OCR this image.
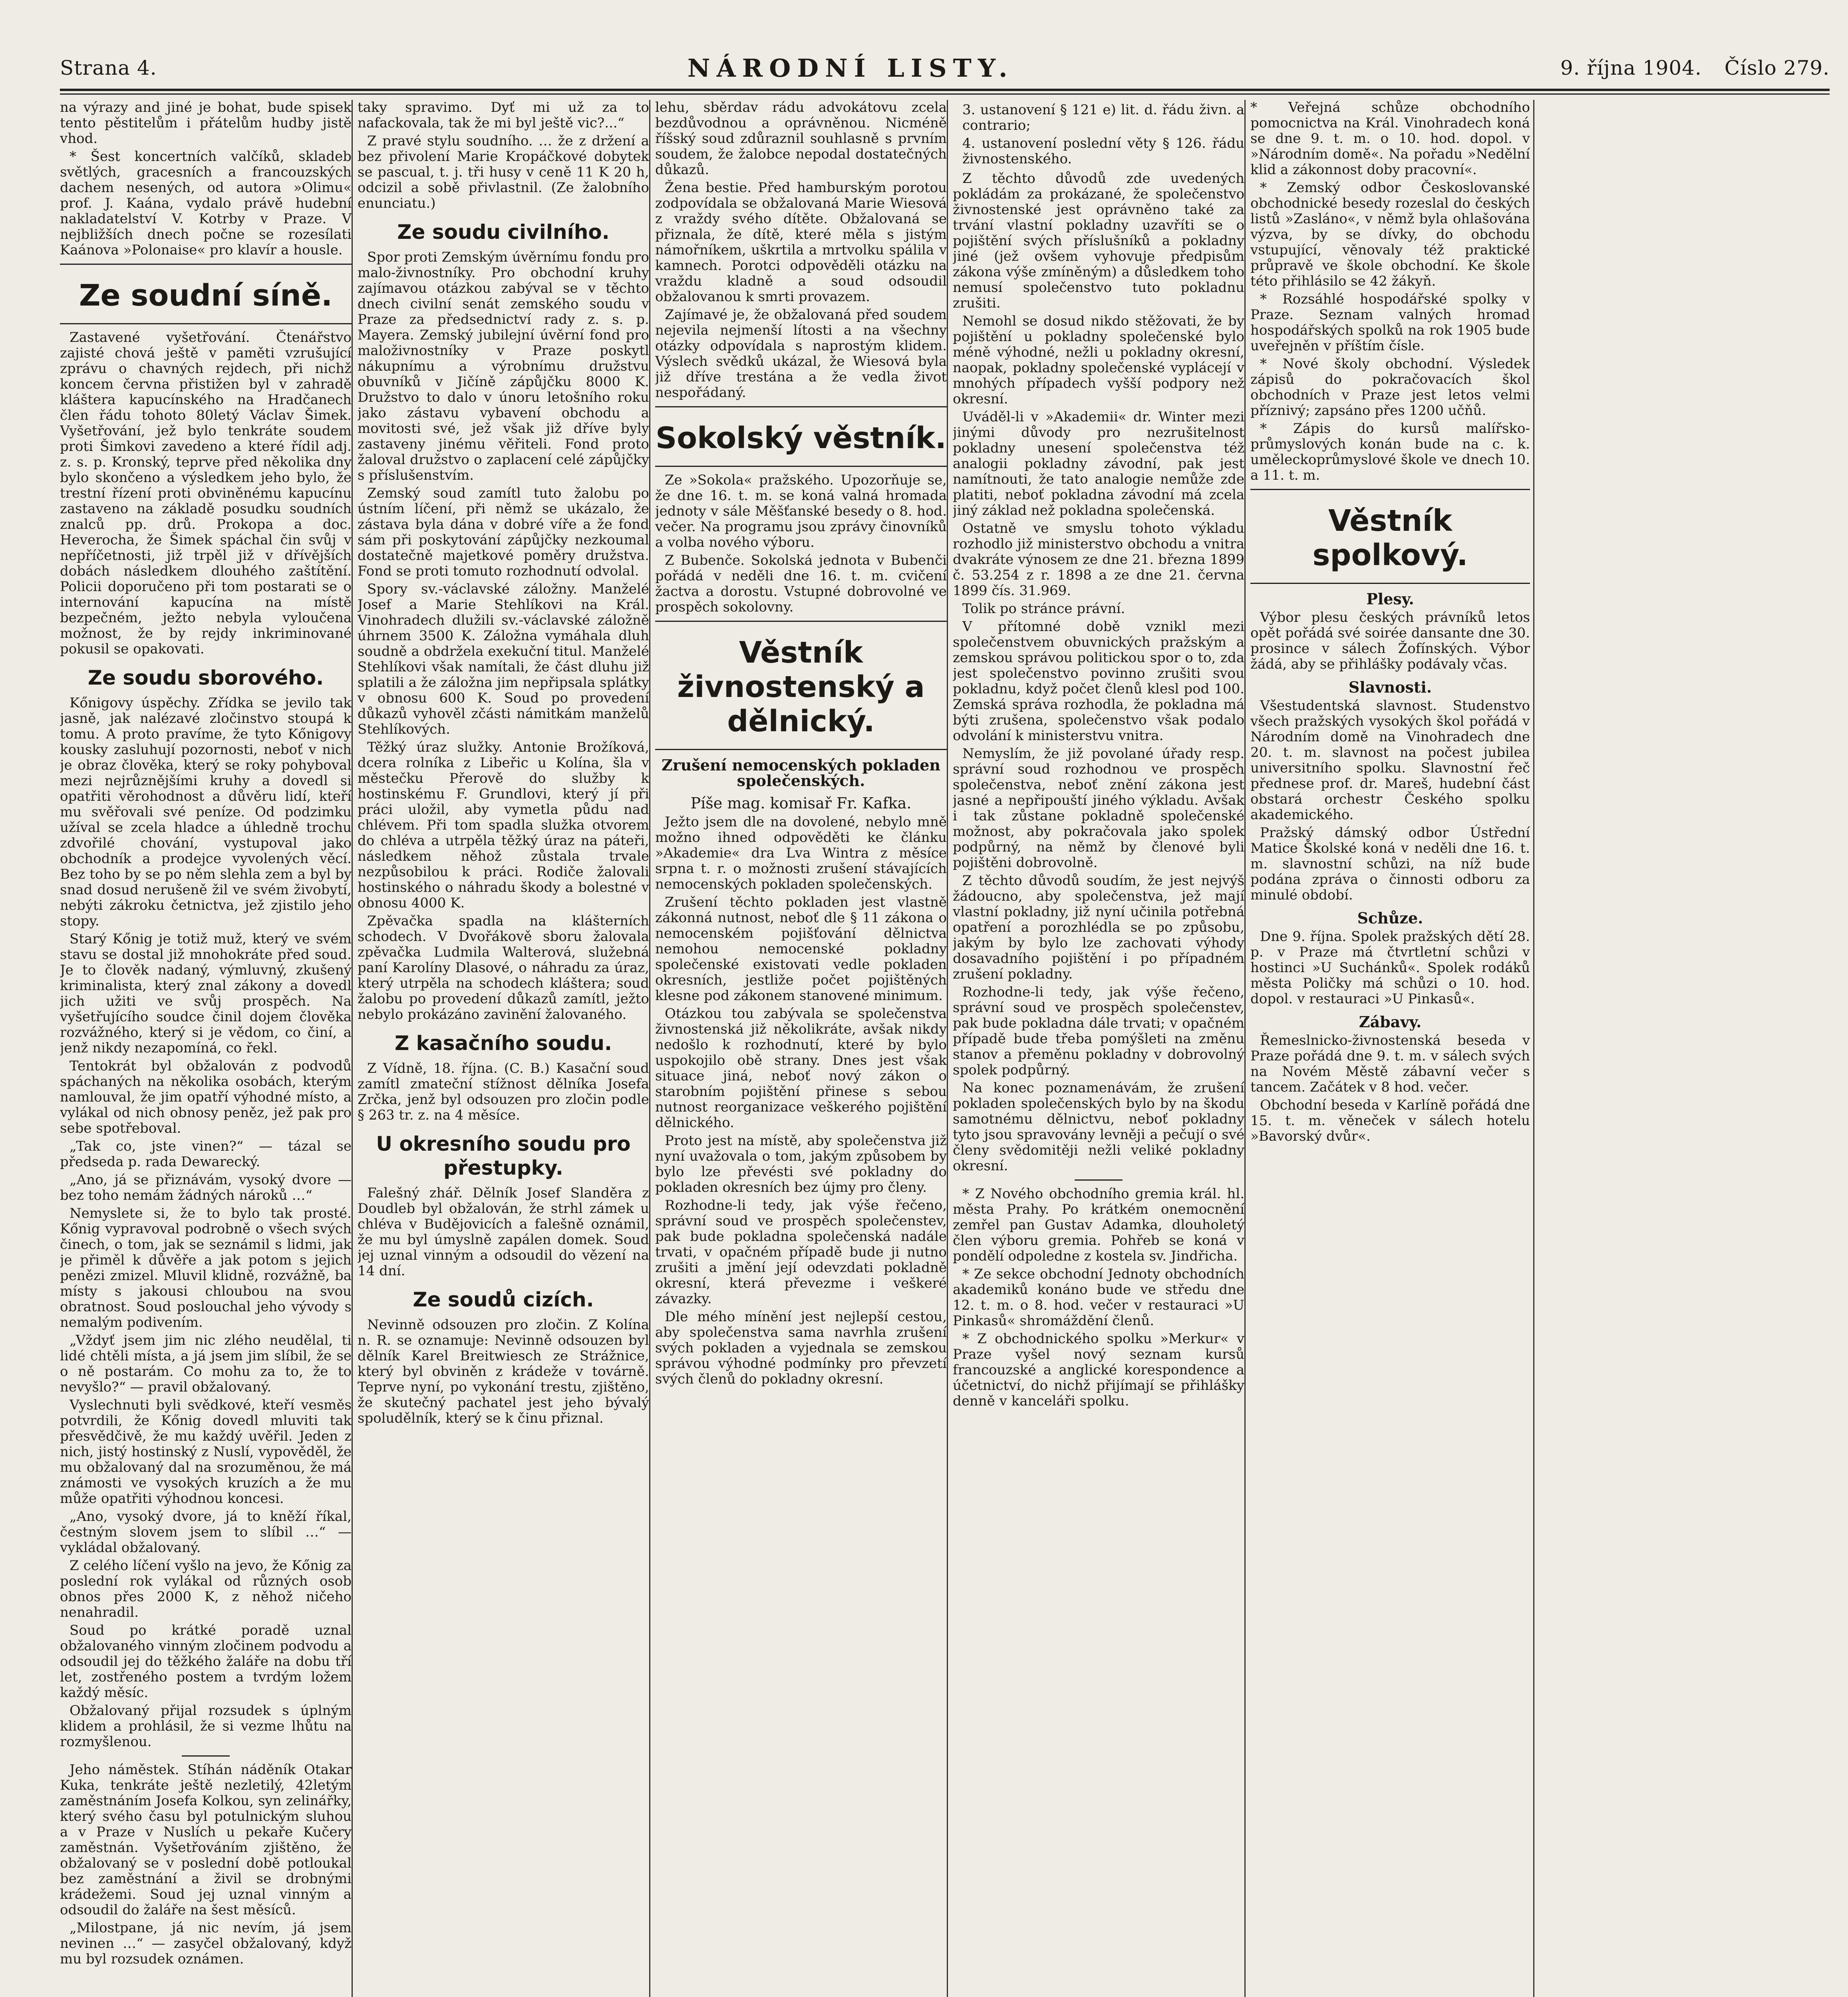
Strana 4.	NÁRODNÍ LISTY.	9. října 1904. Číslo 279.

na výrazy and jiné je bohat, bude spisek tento pěstitelům i přátelům hudby jistě vhod.

* Šest koncertních valčíků, skladeb světlých, gracesních a francouzských dachem nesených, od autora »Olimu« prof. J. Kaána, vydalo právě hudební nakladatelství V. Kotrby v Praze. V nejbližších dnech počne se rozesílati Kaánova »Polonaise« pro klavír a housle.

Ze soudní síně.

Zastavené vyšetřování. Čtenářstvo zajisté chová ještě v paměti vzrušující zprávu o chavných rejdech, při nichž koncem června přistižen byl v zahradě kláštera kapucínského na Hradčanech člen řádu tohoto 80letý Václav Šimek. Vyšetřování, jež bylo tenkráte soudem proti Šimkovi zavedeno a které řídil adj. z. s. p. Kronský, teprve před několika dny bylo skončeno a výsledkem jeho bylo, že trestní řízení proti obviněnému kapucínu zastaveno na základě posudku soudních znalců pp. drů. Prokopa a doc. Heverocha, že Šimek spáchal čin svůj v nepříčetnosti, již trpěl již v dřívějších dobách následkem dlouhého zaštítění. Policii doporučeno při tom postarati se o internování kapucína na místě bezpečném, ježto nebyla vyloučena možnost, že by rejdy inkriminované pokusil se opakovati.

Ze soudu sborového.

Kőnigovy úspěchy. Zřídka se jevilo tak jasně, jak nalézavé zločinstvo stoupá k tomu. A proto pravíme, že tyto Kőnigovy kousky zasluhují pozornosti, neboť v nich je obraz člověka, který se roky pohyboval mezi nejrůznějšími kruhy a dovedl si opatřiti věrohodnost a důvěru lidí, kteří mu svěřovali své peníze. Od podzimku užíval se zcela hladce a úhledně trochu zdvořilé chování, vystupoval jako obchodník a prodejce vyvolených věcí. Bez toho by se po něm slehla zem a byl by snad dosud nerušeně žil ve svém živobytí, nebýti zákroku četnictva, jež zjistilo jeho stopy.

Starý Kőnig je totiž muž, který ve svém stavu se dostal již mnohokráte před soud. Je to člověk nadaný, výmluvný, zkušený kriminalista, který znal zákony a dovedl jich užiti ve svůj prospěch. Na vyšetřujícího soudce činil dojem člověka rozvážného, který si je vědom, co činí, a jenž nikdy nezapomíná, co řekl.

Tentokrát byl obžalován z podvodů spáchaných na několika osobách, kterým namlouval, že jim opatří výhodné místo, a vylákal od nich obnosy peněz, jež pak pro sebe spotřeboval.

„Tak co, jste vinen?“ — tázal se předseda p. rada Dewarecký.

„Ano, já se přiznávám, vysoký dvore — bez toho nemám žádných nároků …“

Nemyslete si, že to bylo tak prosté. Kőnig vypravoval podrobně o všech svých činech, o tom, jak se seznámil s lidmi, jak je přiměl k důvěře a jak potom s jejich penězi zmizel. Mluvil klidně, rozvážně, ba místy s jakousi chloubou na svou obratnost. Soud poslouchal jeho vývody s nemalým podivením.

„Vždyť jsem jim nic zlého neudělal, ti lidé chtěli místa, a já jsem jim slíbil, že se o ně postarám. Co mohu za to, že to nevyšlo?“ — pravil obžalovaný.

Vyslechnuti byli svědkové, kteří vesměs potvrdili, že Kőnig dovedl mluviti tak přesvědčivě, že mu každý uvěřil. Jeden z nich, jistý hostinský z Nuslí, vypověděl, že mu obžalovaný dal na srozuměnou, že má známosti ve vysokých kruzích a že mu může opatřiti výhodnou koncesi.

„Ano, vysoký dvore, já to kněží říkal, čestným slovem jsem to slíbil …“ — vykládal obžalovaný.

Z celého líčení vyšlo na jevo, že Kőnig za poslední rok vylákal od různých osob obnos přes 2000 K, z něhož ničeho nenahradil.

Soud po krátké poradě uznal obžalovaného vinným zločinem podvodu a odsoudil jej do těžkého žaláře na dobu tří let, zostřeného postem a tvrdým ložem každý měsíc.

Obžalovaný přijal rozsudek s úplným klidem a prohlásil, že si vezme lhůtu na rozmyšlenou.

Jeho náměstek. Stíhán náděník Otakar Kuka, tenkráte ještě nezletilý, 42letým zaměstnáním Josefa Kolkou, syn zelinářky, který svého času byl potulnickým sluhou a v Praze v Nuslích u pekaře Kučery zaměstnán. Vyšetřováním zjištěno, že obžalovaný se v poslední době potloukal bez zaměstnání a živil se drobnými krádežemi. Soud jej uznal vinným a odsoudil do žaláře na šest měsíců.

„Milostpane, já nic nevím, já jsem nevinen …“ — zasyčel obžalovaný, když mu byl rozsudek oznámen.

taky spravimo. Dyť mi už za to nafackovala, tak že mi byl ještě vic?...“

Z pravé stylu soudního. … že z držení a bez přivolení Marie Kropáčkové dobytek se pascual, t. j. tři husy v ceně 11 K 20 h, odcizil a sobě přivlastnil. (Ze žalobního enunciatu.)

Ze soudu civilního.

Spor proti Zemským úvěrnímu fondu pro malo-živnostníky. Pro obchodní kruhy zajímavou otázkou zabýval se v těchto dnech civilní senát zemského soudu v Praze za předsednictví rady z. s. p. Mayera. Zemský jubilejní úvěrní fond pro maloživnostníky v Praze poskytl nákupnímu a výrobnímu družstvu obuvníků v Jičíně zápůjčku 8000 K. Družstvo to dalo v únoru letošního roku jako zástavu vybavení obchodu a movitosti své, jež však již dříve byly zastaveny jinému věřiteli. Fond proto žaloval družstvo o zaplacení celé zápůjčky s příslušenstvím.

Zemský soud zamítl tuto žalobu po ústním líčení, při němž se ukázalo, že zástava byla dána v dobré víře a že fond sám při poskytování zápůjčky nezkoumal dostatečně majetkové poměry družstva. Fond se proti tomuto rozhodnutí odvolal.

Spory sv.-václavské záložny. Manželé Josef a Marie Stehlíkovi na Král. Vinohradech dlužili sv.-václavské záložně úhrnem 3500 K. Záložna vymáhala dluh soudně a obdržela exekuční titul. Manželé Stehlíkovi však namítali, že část dluhu již splatili a že záložna jim nepřipsala splátky v obnosu 600 K. Soud po provedení důkazů vyhověl zčásti námitkám manželů Stehlíkových.

Těžký úraz služky. Antonie Brožíková, dcera rolníka z Libeřic u Kolína, šla v městečku Přerově do služby k hostinskému F. Grundlovi, který jí při práci uložil, aby vymetla půdu nad chlévem. Při tom spadla služka otvorem do chléva a utrpěla těžký úraz na páteři, následkem něhož zůstala trvale nezpůsobilou k práci. Rodiče žalovali hostinského o náhradu škody a bolestné v obnosu 4000 K.

Zpěvačka spadla na klášterních schodech. V Dvořákově sboru žalovala zpěvačka Ludmila Walterová, služebná paní Karolíny Dlasové, o náhradu za úraz, který utrpěla na schodech kláštera; soud žalobu po provedení důkazů zamítl, ježto nebylo prokázáno zavinění žalovaného.

Z kasačního soudu.

Z Vídně, 18. října. (C. B.) Kasační soud zamítl zmateční stížnost dělníka Josefa Zrčka, jenž byl odsouzen pro zločin podle § 263 tr. z. na 4 měsíce.

U okresního soudu pro přestupky.

Falešný zhář. Dělník Josef Slanděra z Doudleb byl obžalován, že strhl zámek u chléva v Budějovicích a falešně oznámil, že mu byl úmyslně zapálen domek. Soud jej uznal vinným a odsoudil do vězení na 14 dní.

Ze soudů cizích.

Nevinně odsouzen pro zločin. Z Kolína n. R. se oznamuje: Nevinně odsouzen byl dělník Karel Breitwiesch ze Strážnice, který byl obviněn z krádeže v továrně. Teprve nyní, po vykonání trestu, zjištěno, že skutečný pachatel jest jeho bývalý spoludělník, který se k činu přiznal.

lehu, sběrdav rádu advokátovu zcela bezdůvodnou a oprávněnou. Nicméně říšský soud zdůraznil souhlasně s prvním soudem, že žalobce nepodal dostatečných důkazů.

Žena bestie. Před hamburským porotou zodpovídala se obžalovaná Marie Wiesová z vraždy svého dítěte. Obžalovaná se přiznala, že dítě, které měla s jistým námořníkem, uškrtila a mrtvolku spálila v kamnech. Porotci odpověděli otázku na vraždu kladně a soud odsoudil obžalovanou k smrti provazem.

Zajímavé je, že obžalovaná před soudem nejevila nejmenší lítosti a na všechny otázky odpovídala s naprostým klidem. Výslech svědků ukázal, že Wiesová byla již dříve trestána a že vedla život nespořádaný.

Sokolský věstník.

Ze »Sokola« pražského. Upozorňuje se, že dne 16. t. m. se koná valná hromada jednoty v sále Měšťanské besedy o 8. hod. večer. Na programu jsou zprávy činovníků a volba nového výboru.

Z Bubenče. Sokolská jednota v Bubenči pořádá v neděli dne 16. t. m. cvičení žactva a dorostu. Vstupné dobrovolné ve prospěch sokolovny.

Věstník živnostenský a dělnický.
Zrušení nemocenských pokladen společenských.
Píše mag. komisař Fr. Kafka.

Ježto jsem dle na dovolené, nebylo mně možno ihned odpověděti ke článku »Akademie« dra Lva Wintra z měsíce srpna t. r. o možnosti zrušení stávajících nemocenských pokladen společenských.

Zrušení těchto pokladen jest vlastně zákonná nutnost, neboť dle § 11 zákona o nemocenském pojišťování dělnictva nemohou nemocenské pokladny společenské existovati vedle pokladen okresních, jestliže počet pojištěných klesne pod zákonem stanovené minimum.

Otázkou tou zabývala se společenstva živnostenská již několikráte, avšak nikdy nedošlo k rozhodnutí, které by bylo uspokojilo obě strany. Dnes jest však situace jiná, neboť nový zákon o starobním pojištění přinese s sebou nutnost reorganizace veškerého pojištění dělnického.

Proto jest na místě, aby společenstva již nyní uvažovala o tom, jakým způsobem by bylo lze převésti své pokladny do pokladen okresních bez újmy pro členy.

Rozhodne-li tedy, jak výše řečeno, správní soud ve prospěch společenstev, pak bude pokladna společenská nadále trvati, v opačném případě bude ji nutno zrušiti a jmění její odevzdati pokladně okresní, která převezme i veškeré závazky.

Dle mého mínění jest nejlepší cestou, aby společenstva sama navrhla zrušení svých pokladen a vyjednala se zemskou správou výhodné podmínky pro převzetí svých členů do pokladny okresní.

3. ustanovení § 121 e) lit. d. řádu živn. a contrario;

4. ustanovení poslední věty § 126. řádu živnostenského.

Z těchto důvodů zde uvedených pokládám za prokázané, že společenstvo živnostenské jest oprávněno také za trvání vlastní pokladny uzavříti se o pojištění svých příslušníků a pokladny jiné (jež ovšem vyhovuje předpisům zákona výše zmíněným) a důsledkem toho nemusí společenstvo tuto pokladnu zrušiti.

Nemohl se dosud nikdo stěžovati, že by pojištění u pokladny společenské bylo méně výhodné, nežli u pokladny okresní, naopak, pokladny společenské vyplácejí v mnohých případech vyšší podpory než okresní.

Uváděl-li v »Akademii« dr. Winter mezi jinými důvody pro nezrušitelnost pokladny unesení společenstva též analogii pokladny závodní, pak jest namítnouti, že tato analogie nemůže zde platiti, neboť pokladna závodní má zcela jiný základ než pokladna společenská.

Ostatně ve smyslu tohoto výkladu rozhodlo již ministerstvo obchodu a vnitra dvakráte výnosem ze dne 21. března 1899 č. 53.254 z r. 1898 a ze dne 21. června 1899 čís. 31.969.

Tolik po stránce právní.

V přítomné době vznikl mezi společenstvem obuvnických pražským a zemskou správou politickou spor o to, zda jest společenstvo povinno zrušiti svou pokladnu, když počet členů klesl pod 100. Zemská správa rozhodla, že pokladna má býti zrušena, společenstvo však podalo odvolání k ministerstvu vnitra.

Nemyslím, že již povolané úřady resp. správní soud rozhodnou ve prospěch společenstva, neboť znění zákona jest jasné a nepřipouští jiného výkladu. Avšak i tak zůstane pokladně společenské možnost, aby pokračovala jako spolek podpůrný, na němž by členové byli pojištěni dobrovolně.

Z těchto důvodů soudím, že jest nejvýš žádoucno, aby společenstva, jež mají vlastní pokladny, již nyní učinila potřebná opatření a porozhlédla se po způsobu, jakým by bylo lze zachovati výhody dosavadního pojištění i po případném zrušení pokladny.

Rozhodne-li tedy, jak výše řečeno, správní soud ve prospěch společenstev, pak bude pokladna dále trvati; v opačném případě bude třeba pomýšleti na změnu stanov a přeměnu pokladny v dobrovolný spolek podpůrný.

Na konec poznamenávám, že zrušení pokladen společenských bylo by na škodu samotnému dělnictvu, neboť pokladny tyto jsou spravovány levněji a pečují o své členy svědomitěji nežli veliké pokladny okresní.

* Z Nového obchodního gremia král. hl. města Prahy. Po krátkém onemocnění zemřel pan Gustav Adamka, dlouholetý člen výboru gremia. Pohřeb se koná v pondělí odpoledne z kostela sv. Jindřicha.

* Ze sekce obchodní Jednoty obchodních akademiků konáno bude ve středu dne 12. t. m. o 8. hod. večer v restauraci »U Pinkasů« shromáždění členů.

* Z obchodnického spolku »Merkur« v Praze vyšel nový seznam kursů francouzské a anglické korespondence a účetnictví, do nichž přijímají se přihlášky denně v kanceláři spolku.

* Veřejná schůze obchodního pomocnictva na Král. Vinohradech koná se dne 9. t. m. o 10. hod. dopol. v »Národním domě«. Na pořadu »Nedělní klid a zákonnost doby pracovní«.

* Zemský odbor Českoslovanské obchodnické besedy rozeslal do českých listů »Zasláno«, v němž byla ohlašována výzva, by se dívky, do obchodu vstupující, věnovaly též praktické průpravě ve škole obchodní. Ke škole této přihlásilo se 42 žákyň.

* Rozsáhlé hospodářské spolky v Praze. Seznam valných hromad hospodářských spolků na rok 1905 bude uveřejněn v příštím čísle.

* Nové školy obchodní. Výsledek zápisů do pokračovacích škol obchodních v Praze jest letos velmi příznivý; zapsáno přes 1200 učňů.

* Zápis do kursů malířsko-průmyslových konán bude na c. k. uměleckoprůmyslové škole ve dnech 10. a 11. t. m.

Věstník spolkový.
Plesy.

Výbor plesu českých právníků letos opět pořádá své soirée dansante dne 30. prosince v sálech Žofínských. Výbor žádá, aby se přihlášky podávaly včas.

Slavnosti.

Všestudentská slavnost. Studenstvo všech pražských vysokých škol pořádá v Národním domě na Vinohradech dne 20. t. m. slavnost na počest jubilea universitního spolku. Slavnostní řeč přednese prof. dr. Mareš, hudební část obstará orchestr Českého spolku akademického.

Pražský dámský odbor Ústřední Matice Školské koná v neděli dne 16. t. m. slavnostní schůzi, na níž bude podána zpráva o činnosti odboru za minulé období.

Schůze.

Dne 9. října. Spolek pražských dětí 28. p. v Praze má čtvrtletní schůzi v hostinci »U Suchánků«. Spolek rodáků města Poličky má schůzi o 10. hod. dopol. v restauraci »U Pinkasů«.

Zábavy.

Řemeslnicko-živnostenská beseda v Praze pořádá dne 9. t. m. v sálech svých na Novém Městě zábavní večer s tancem. Začátek v 8 hod. večer.

Obchodní beseda v Karlíně pořádá dne 15. t. m. věneček v sálech hotelu »Bavorský dvůr«.
